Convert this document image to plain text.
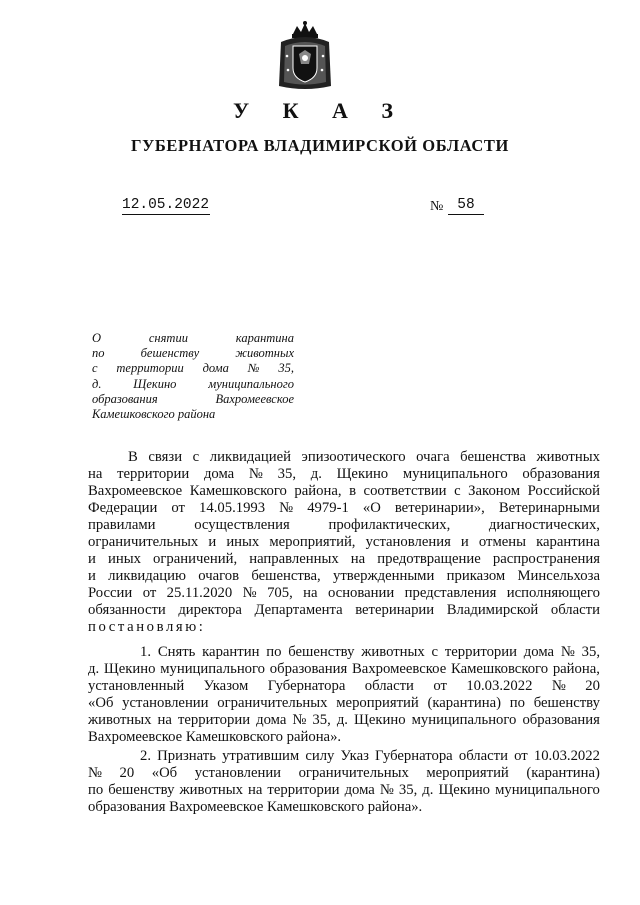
У К А З
ГУБЕРНАТОРА ВЛАДИМИРСКОЙ ОБЛАСТИ
12.05.2022	№ 58
О	снятии	карантина
по	бешенству	животных
с территории дома № 35,
д.	Щекино	муниципального
образования	Вахромеевское
Камешковского района
В связи с ликвидацией эпизоотического очага бешенства животных
на территории дома № 35, д. Щекино муниципального образования
Вахромеевское Камешковского района, в соответствии с Законом Российской
Федерации от 14.05.1993 № 4979-1 «О ветеринарии», Ветеринарными
правилами	осуществления	профилактических,	диагностических,
ограничительных и иных мероприятий, установления и отмены карантина
и иных ограничений, направленных на предотвращение распространения
и ликвидацию очагов бешенства, утвержденными приказом Минсельхоза
России от 25.11.2020 № 705, на основании представления исполняющего
обязанности директора Департамента ветеринарии Владимирской области
постановляю:
1. Снять карантин по бешенству животных с территории дома № 35,
д. Щекино муниципального образования Вахромеевское Камешковского района,
установленный Указом Губернатора области от 10.03.2022 № 20
«Об установлении ограничительных мероприятий (карантина) по бешенству
животных на территории дома № 35, д. Щекино муниципального образования
Вахромеевское Камешковского района».
2. Признать утратившим силу Указ Губернатора области от 10.03.2022
№ 20 «Об установлении ограничительных мероприятий (карантина)
по бешенству животных на территории дома № 35, д. Щекино муниципального
образования Вахромеевское Камешковского района».
